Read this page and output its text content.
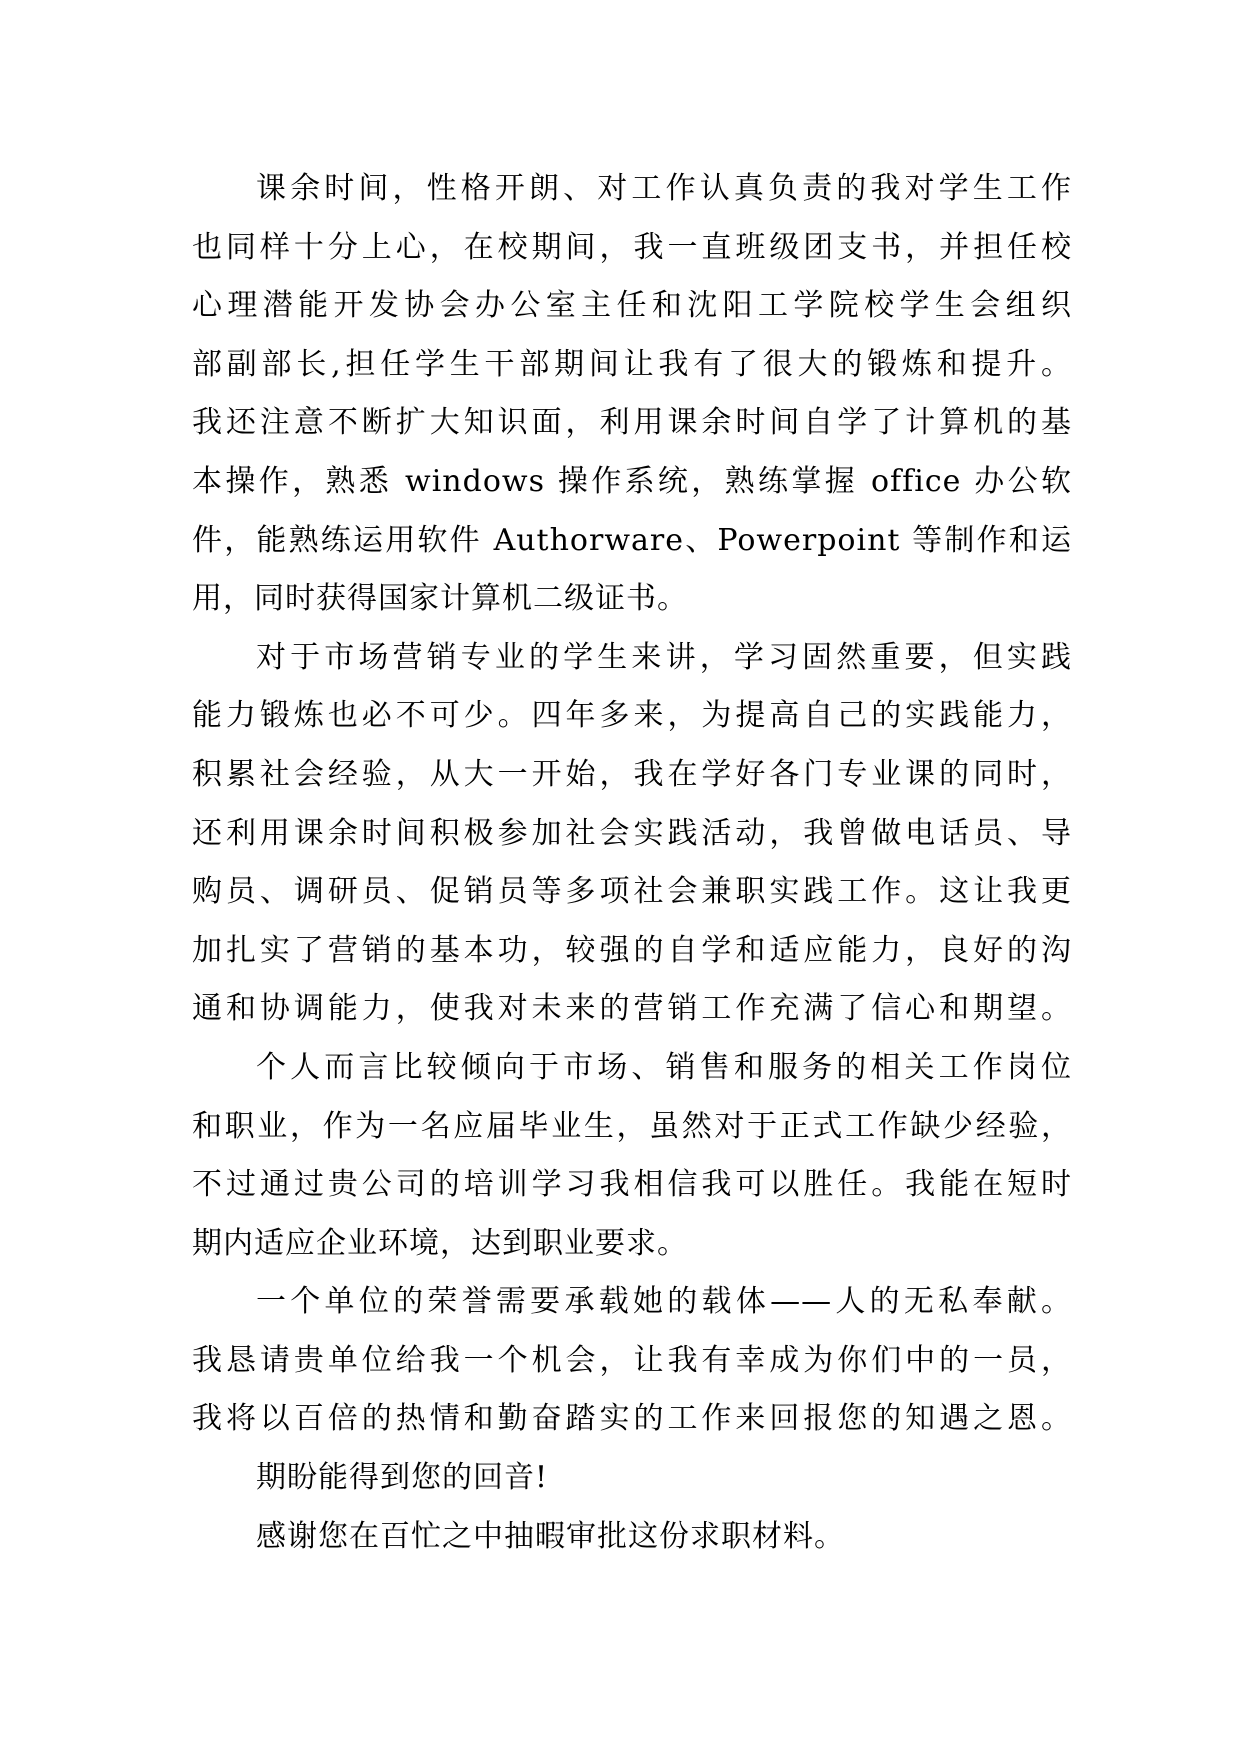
课余时间，性格开朗、对工作认真负责的我对学生工作
也同样十分上心，在校期间，我一直班级团支书，并担任校
心理潜能开发协会办公室主任和沈阳工学院校学生会组织
部副部长,担任学生干部期间让我有了很大的锻炼和提升。
我还注意不断扩大知识面，利用课余时间自学了计算机的基
本操作，熟悉 windows 操作系统，熟练掌握 office 办公软
件，能熟练运用软件 Authorware、Powerpoint 等制作和运
用，同时获得国家计算机二级证书。
对于市场营销专业的学生来讲，学习固然重要，但实践
能力锻炼也必不可少。四年多来，为提高自己的实践能力，
积累社会经验，从大一开始，我在学好各门专业课的同时，
还利用课余时间积极参加社会实践活动，我曾做电话员、导
购员、调研员、促销员等多项社会兼职实践工作。这让我更
加扎实了营销的基本功，较强的自学和适应能力，良好的沟
通和协调能力，使我对未来的营销工作充满了信心和期望。
个人而言比较倾向于市场、销售和服务的相关工作岗位
和职业，作为一名应届毕业生，虽然对于正式工作缺少经验，
不过通过贵公司的培训学习我相信我可以胜任。我能在短时
期内适应企业环境，达到职业要求。
一个单位的荣誉需要承载她的载体——人的无私奉献。
我恳请贵单位给我一个机会，让我有幸成为你们中的一员，
我将以百倍的热情和勤奋踏实的工作来回报您的知遇之恩。
期盼能得到您的回音!
感谢您在百忙之中抽暇审批这份求职材料。
